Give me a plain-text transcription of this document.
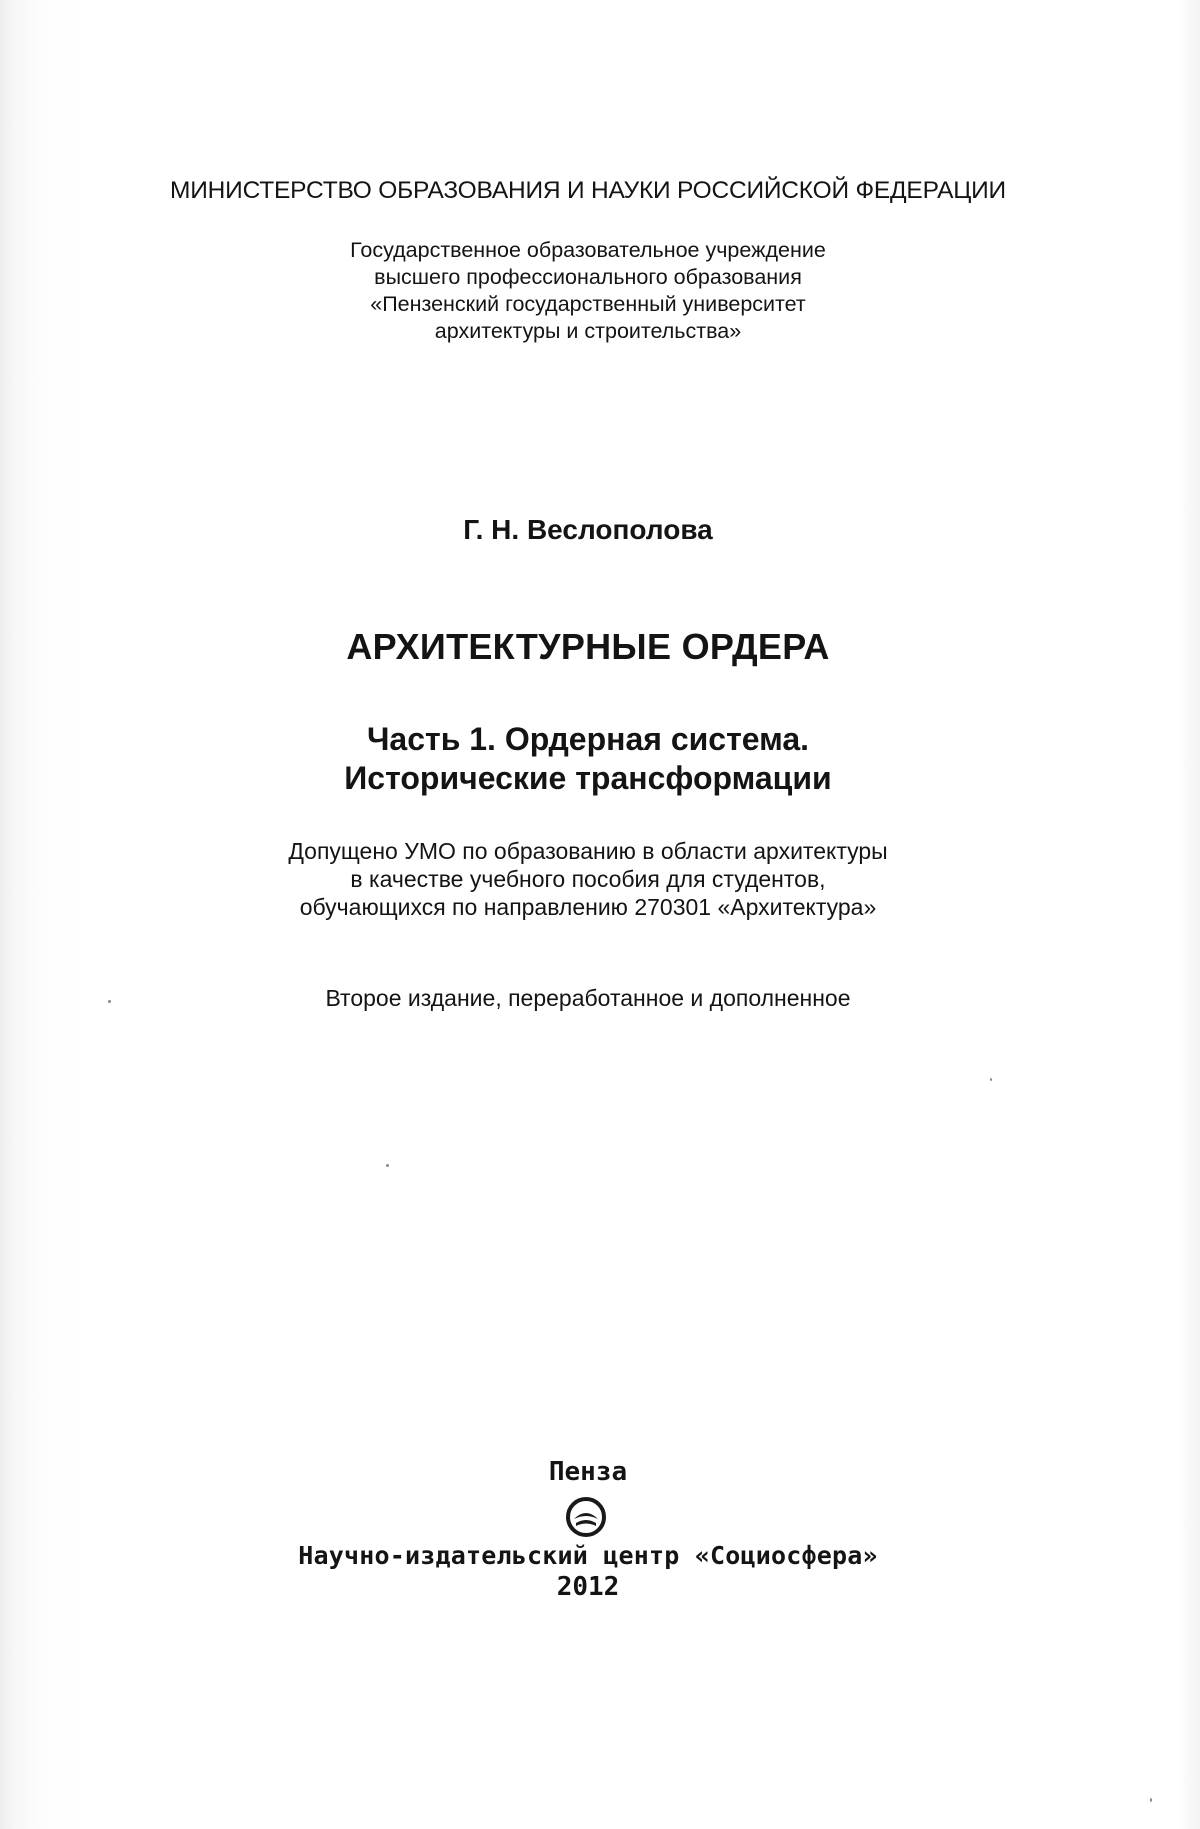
МИНИСТЕРСТВО ОБРАЗОВАНИЯ И НАУКИ РОССИЙСКОЙ ФЕДЕРАЦИИ

Государственное образовательное учреждение
высшего профессионального образования
«Пензенский государственный университет
архитектуры и строительства»

Г. Н. Веслополова

АРХИТЕКТУРНЫЕ ОРДЕРА

Часть 1. Ордерная система.
Исторические трансформации
Допущено УМО по образованию в области архитектуры
в качестве учебного пособия для студентов,
обучающихся по направлению 270301 «Архитектура»

Второе издание, переработанное и дополненное

Пенза

Научно-издательский центр «Социосфера»

2012
